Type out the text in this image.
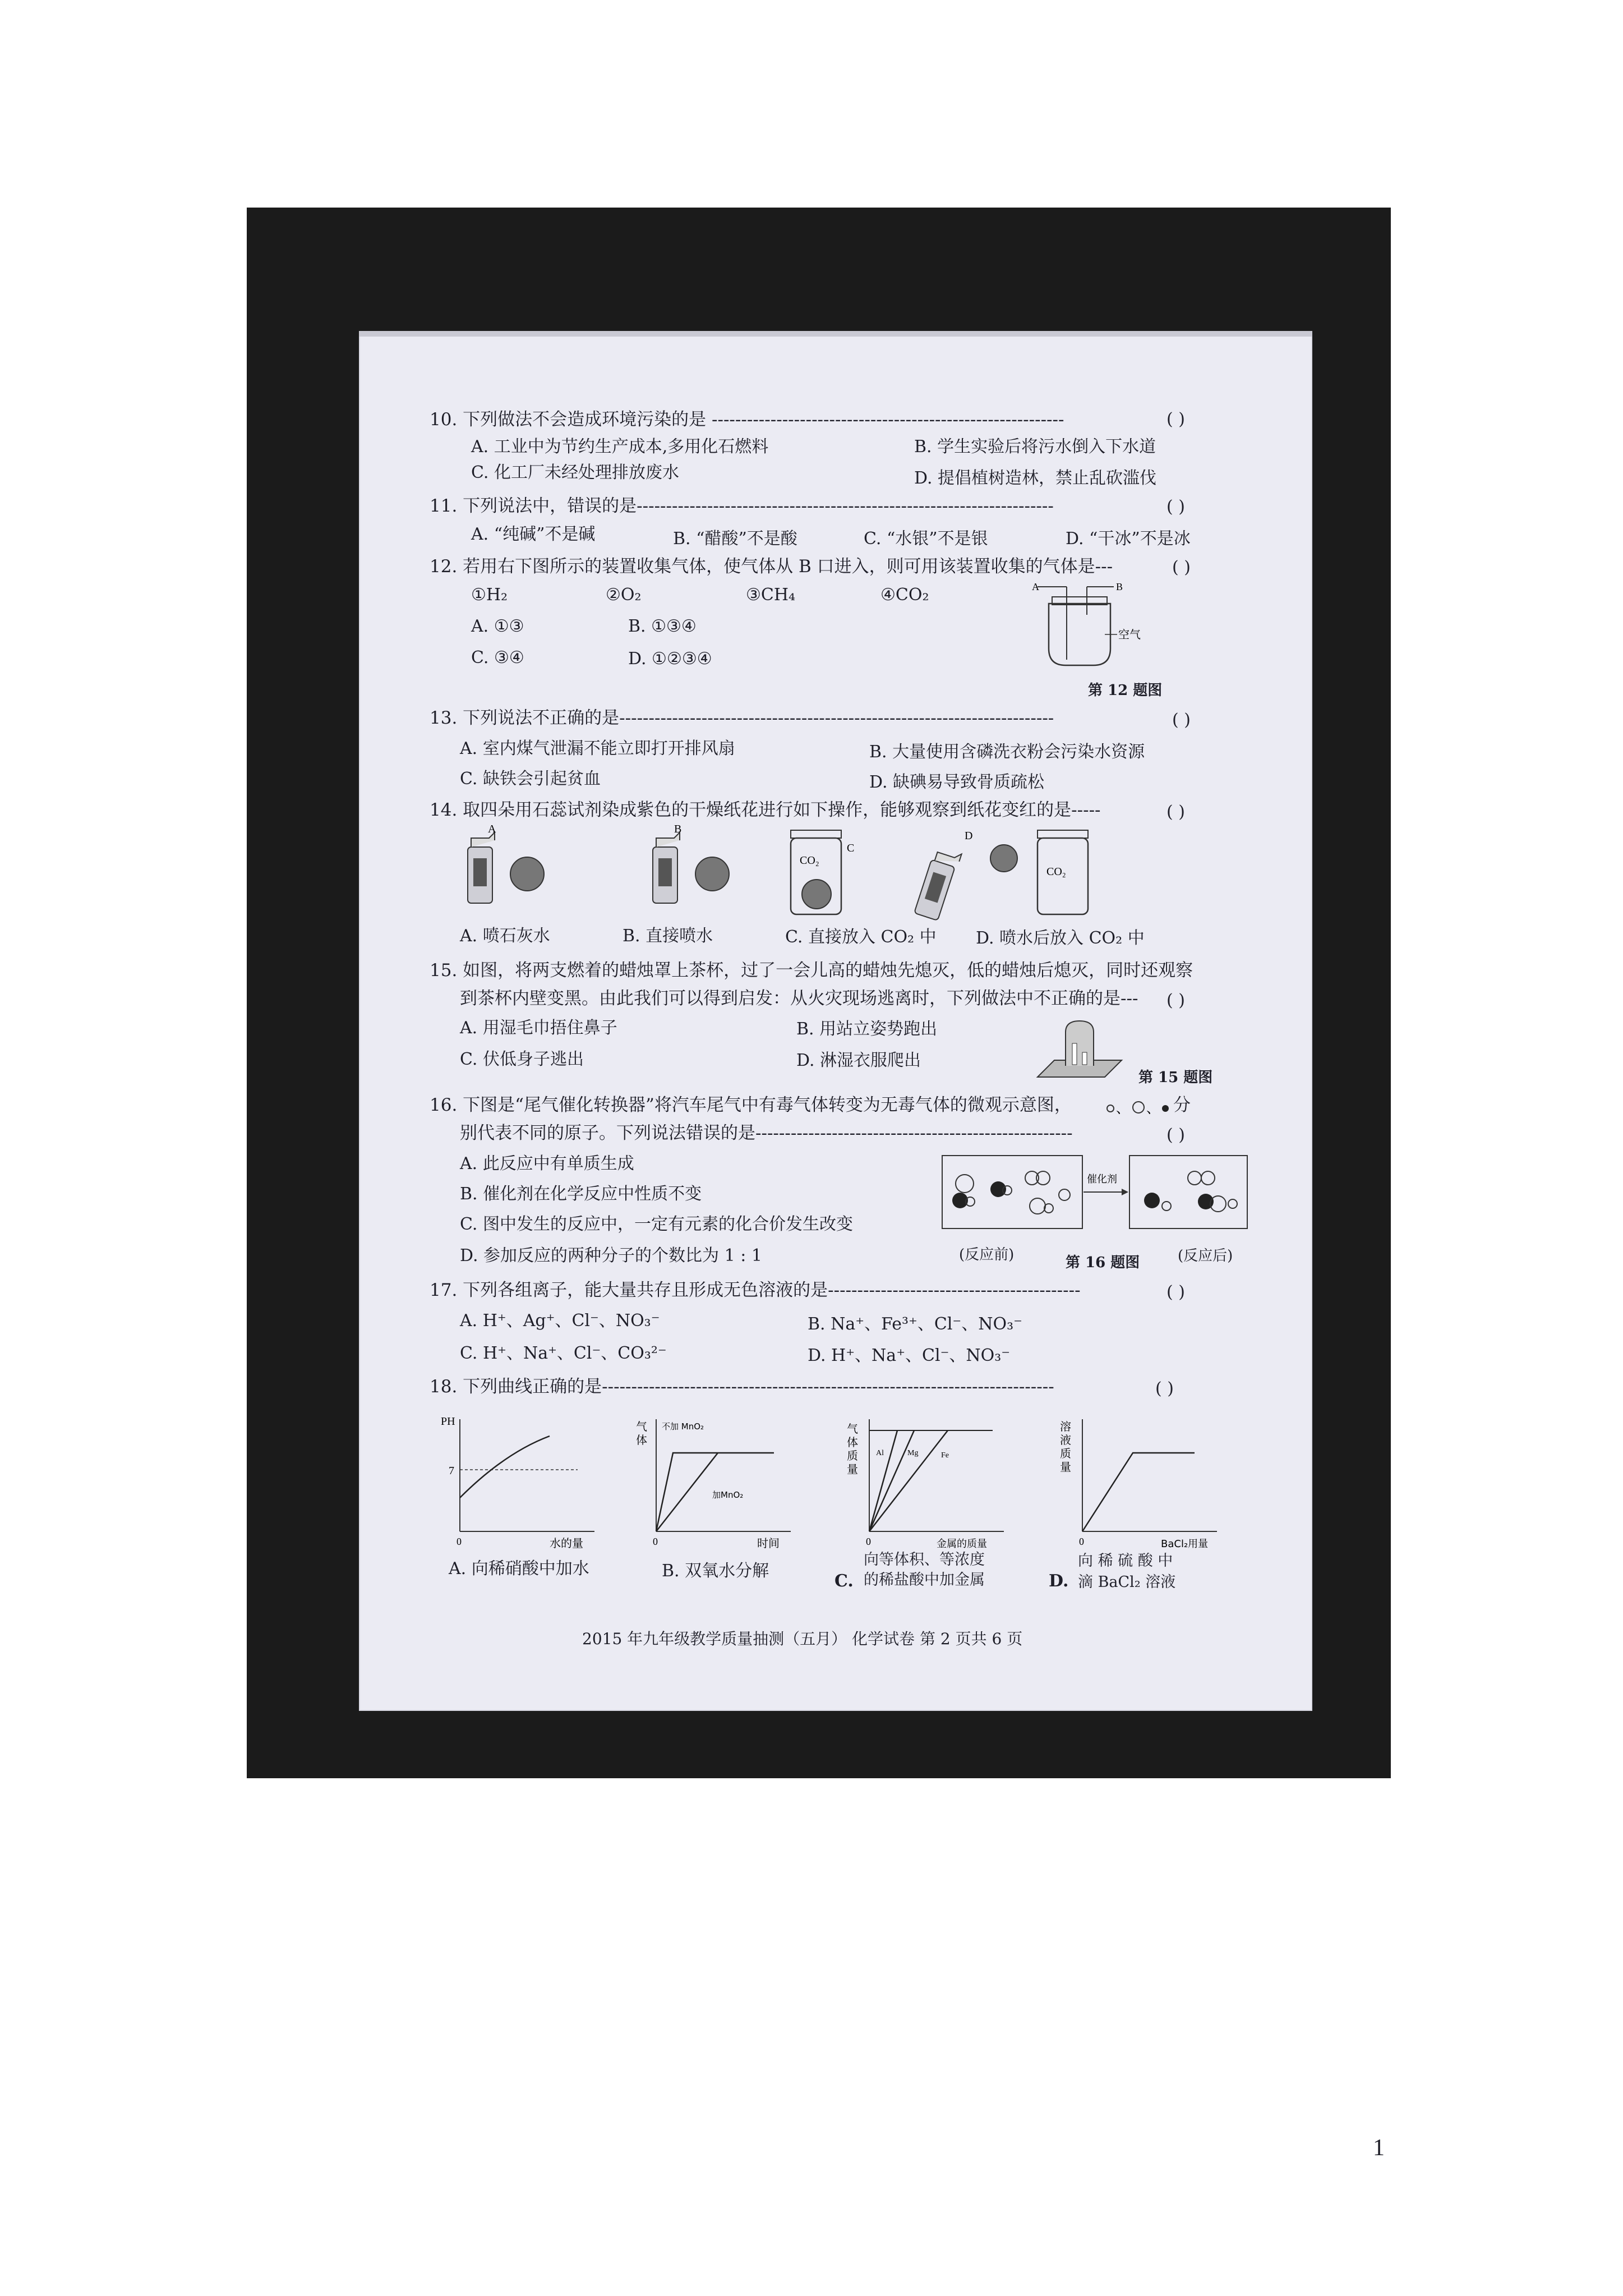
10. 下列做法不会造成环境污染的是 ------------------------------------------------------------	( )
A. 工业中为节约生产成本,多用化石燃料	B. 学生实验后将污水倒入下水道
C. 化工厂未经处理排放废水	D. 提倡植树造林，禁止乱砍滥伐
11. 下列说法中，错误的是-----------------------------------------------------------------------	( )
A. “纯碱”不是碱	B. “醋酸”不是酸	C. “水银”不是银	D. “干冰”不是冰
12. 若用右下图所示的装置收集气体，使气体从 B 口进入，则可用该装置收集的气体是---	( )
①H₂	②O₂	③CH₄	④CO₂
A. ①③	B. ①③④
C. ③④	D. ①②③④
A	B
空气
第 12 题图
13. 下列说法不正确的是--------------------------------------------------------------------------	( )
A. 室内煤气泄漏不能立即打开排风扇	B. 大量使用含磷洗衣粉会污染水资源
C. 缺铁会引起贫血	D. 缺碘易导致骨质疏松
14. 取四朵用石蕊试剂染成紫色的干燥纸花进行如下操作，能够观察到纸花变红的是-----	( )
A	B
CO₂
C
D
CO₂
A. 喷石灰水	B. 直接喷水	C. 直接放入 CO₂ 中 D. 喷水后放入 CO₂ 中
15. 如图，将两支燃着的蜡烛罩上茶杯，过了一会儿高的蜡烛先熄灭，低的蜡烛后熄灭，同时还观察
到茶杯内壁变黑。由此我们可以得到启发：从火灾现场逃离时，下列做法中不正确的是--- ( )
A. 用湿毛巾捂住鼻子	B. 用站立姿势跑出
C. 伏低身子逃出	D. 淋湿衣服爬出
第 15 题图
16. 下图是“尾气催化转换器”将汽车尾气中有毒气体转变为无毒气体的微观示意图，	、 、 分
别代表不同的原子。下列说法错误的是------------------------------------------------------	( )
A. 此反应中有单质生成
B. 催化剂在化学反应中性质不变
C. 图中发生的反应中，一定有元素的化合价发生改变
D. 参加反应的两种分子的个数比为 1 : 1
催化剂
(反应前)	第 16 题图	(反应后)
17. 下列各组离子，能大量共存且形成无色溶液的是-------------------------------------------	( )
A. H⁺、Ag⁺、Cl⁻、NO₃⁻	B. Na⁺、Fe³⁺、Cl⁻、NO₃⁻
C. H⁺、Na⁺、Cl⁻、CO₃²⁻	D. H⁺、Na⁺、Cl⁻、NO₃⁻
18. 下列曲线正确的是-----------------------------------------------------------------------------	( )
PH
7
0	水的量
气
体
不加 MnO₂
加MnO₂
0	时间
气
体
质
量
Al	Mg	Fe
0	金属的质量
溶
液
质
量
0	BaCl₂用量
A. 向稀硝酸中加水	B. 双氧水分解
C.
向等体积、等浓度
的稀盐酸中加金属	D.
向 稀 硫 酸 中
滴 BaCl₂ 溶液
2015 年九年级教学质量抽测（五月） 化学试卷 第 2 页共 6 页
1
